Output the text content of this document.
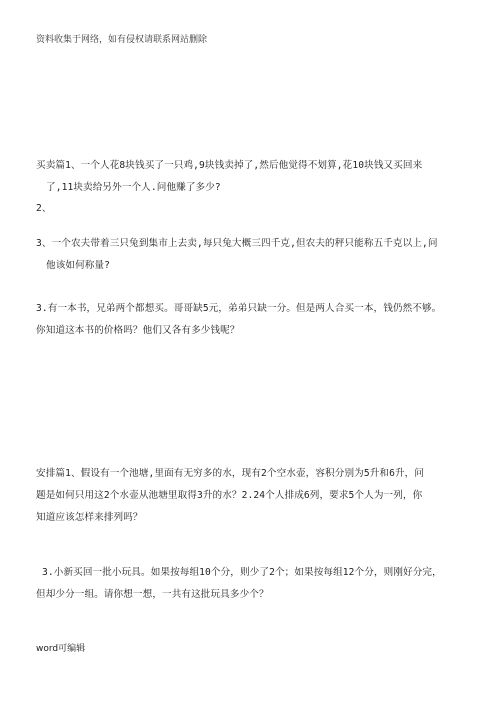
资料收集于网络，如有侵权请联系网站删除
买卖篇1、一个人花8块钱买了一只鸡,9块钱卖掉了,然后他觉得不划算,花10块钱又买回来
了,11块卖给另外一个人.问他赚了多少?
2、
3、一个农夫带着三只兔到集市上去卖,每只兔大概三四千克,但农夫的秤只能称五千克以上,问
他该如何称量?
3.有一本书，兄弟两个都想买。哥哥缺5元，弟弟只缺一分。但是两人合买一本，钱仍然不够。
你知道这本书的价格吗？他们又各有多少钱呢？
安排篇1、假设有一个池塘,里面有无穷多的水，现有2个空水壶，容积分别为5升和6升，问
题是如何只用这2个水壶从池塘里取得3升的水？2.24个人排成6列，要求5个人为一列，你
知道应该怎样来排列吗？
3.小新买回一批小玩具。如果按每组10个分，则少了2个；如果按每组12个分，则刚好分完，
但却少分一组。请你想一想，一共有这批玩具多少个？
word可编辑
